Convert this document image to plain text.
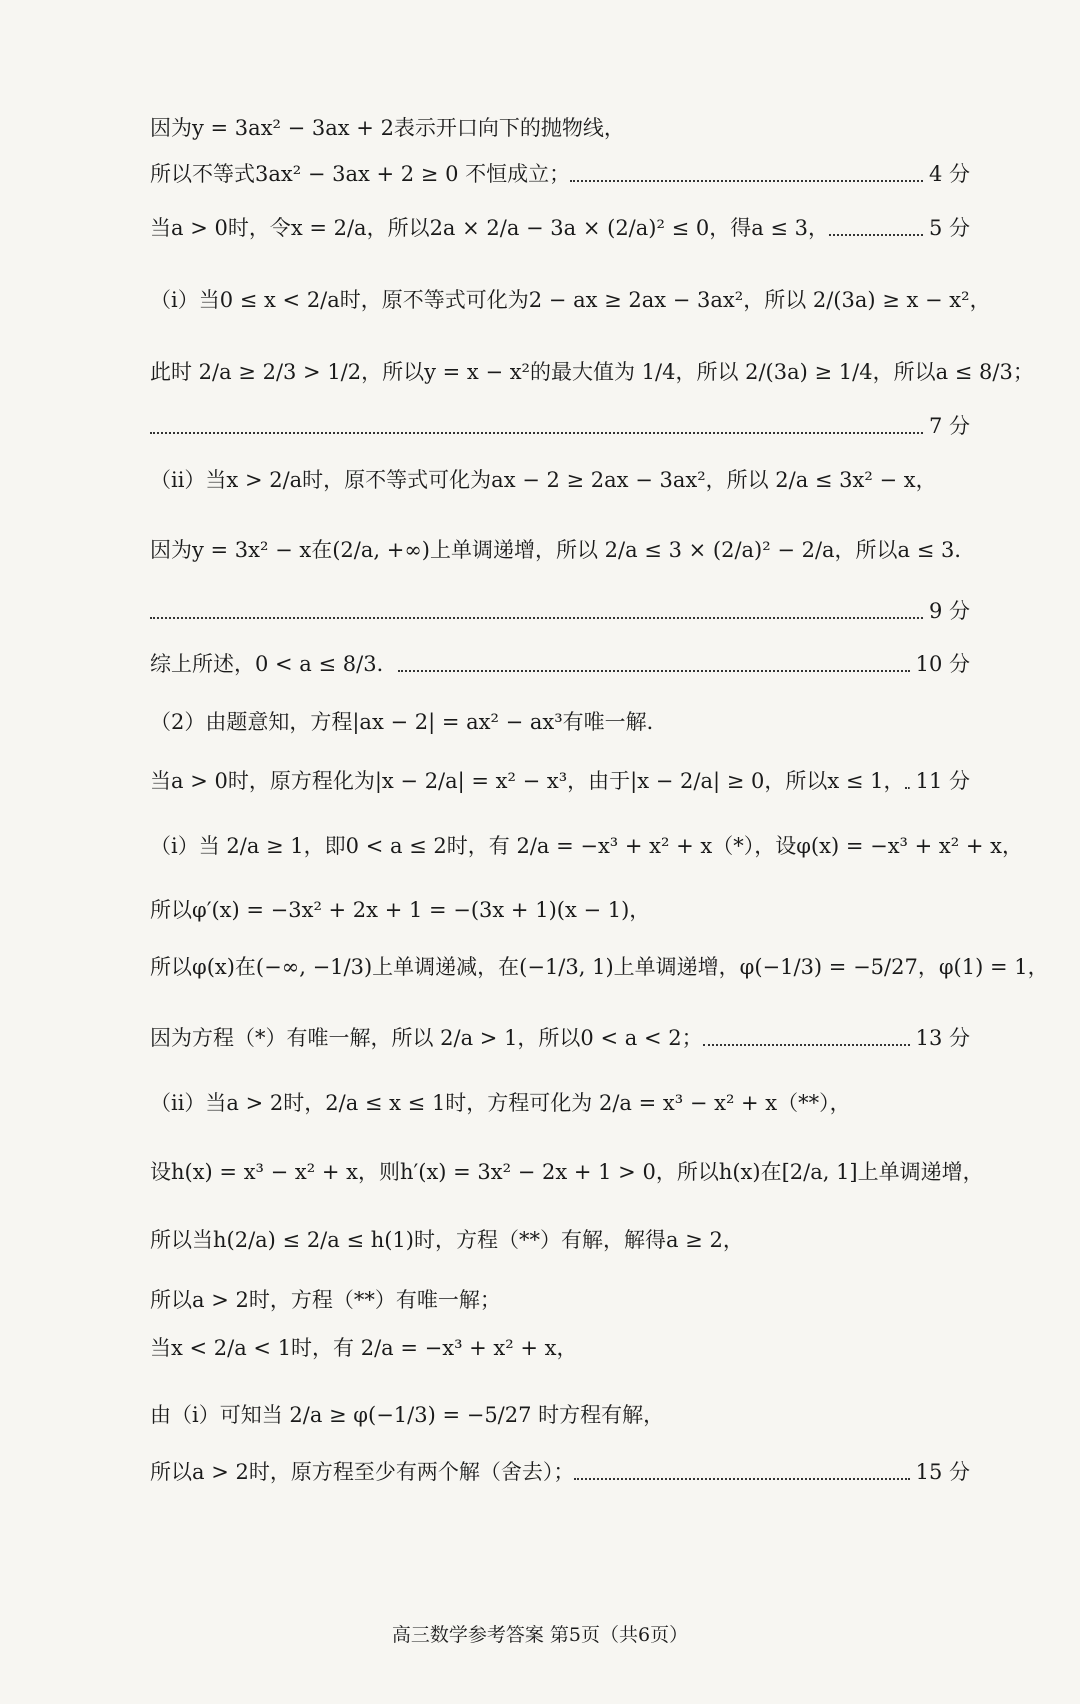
因为y = 3ax² − 3ax + 2表示开口向下的抛物线，
所以不等式3ax² − 3ax + 2 ≥ 0 不恒成立；	4 分
当a > 0时，令x = 2/a，所以2a × 2/a − 3a × (2/a)² ≤ 0，得a ≤ 3，	5 分
（i）当0 ≤ x < 2/a时，原不等式可化为2 − ax ≥ 2ax − 3ax²，所以 2/(3a) ≥ x − x²，
此时 2/a ≥ 2/3 > 1/2，所以y = x − x²的最大值为 1/4，所以 2/(3a) ≥ 1/4，所以a ≤ 8/3；
7 分
（ii）当x > 2/a时，原不等式可化为ax − 2 ≥ 2ax − 3ax²，所以 2/a ≤ 3x² − x，
因为y = 3x² − x在(2/a, +∞)上单调递增，所以 2/a ≤ 3 × (2/a)² − 2/a，所以a ≤ 3．
9 分
综上所述，0 < a ≤ 8/3．	10 分
（2）由题意知，方程|ax − 2| = ax² − ax³有唯一解．
当a > 0时，原方程化为|x − 2/a| = x² − x³，由于|x − 2/a| ≥ 0，所以x ≤ 1， 11 分
（i）当 2/a ≥ 1，即0 < a ≤ 2时，有 2/a = −x³ + x² + x（*），设φ(x) = −x³ + x² + x，
所以φ′(x) = −3x² + 2x + 1 = −(3x + 1)(x − 1)，
所以φ(x)在(−∞, −1/3)上单调递减，在(−1/3, 1)上单调递增，φ(−1/3) = −5/27，φ(1) = 1，
因为方程（*）有唯一解，所以 2/a > 1，所以0 < a < 2；	13 分
（ii）当a > 2时，2/a ≤ x ≤ 1时，方程可化为 2/a = x³ − x² + x（**），
设h(x) = x³ − x² + x，则h′(x) = 3x² − 2x + 1 > 0，所以h(x)在[2/a, 1]上单调递增，
所以当h(2/a) ≤ 2/a ≤ h(1)时，方程（**）有解，解得a ≥ 2，
所以a > 2时，方程（**）有唯一解；
当x < 2/a < 1时，有 2/a = −x³ + x² + x，
由（i）可知当 2/a ≥ φ(−1/3) = −5/27 时方程有解，
所以a > 2时，原方程至少有两个解（舍去）；	15 分
高三数学参考答案 第5页（共6页）
